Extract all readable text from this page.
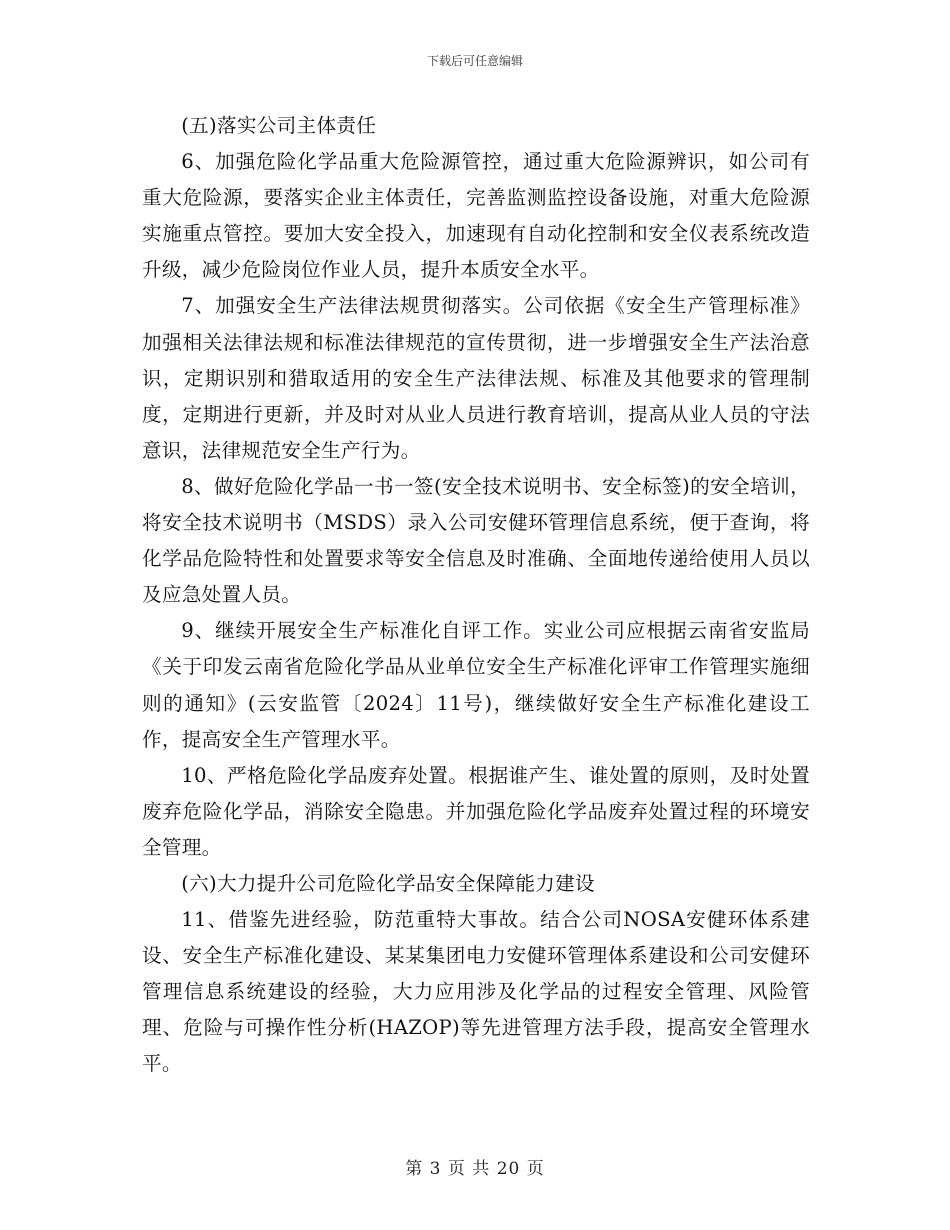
下载后可任意编辑

(五)落实公司主体责任

6、加强危险化学品重大危险源管控，通过重大危险源辨识，如公司有重大危险源，要落实企业主体责任，完善监测监控设备设施，对重大危险源实施重点管控。要加大安全投入，加速现有自动化控制和安全仪表系统改造升级，减少危险岗位作业人员，提升本质安全水平。

7、加强安全生产法律法规贯彻落实。公司依据《安全生产管理标准》加强相关法律法规和标准法律规范的宣传贯彻，进一步增强安全生产法治意识，定期识别和猎取适用的安全生产法律法规、标准及其他要求的管理制度，定期进行更新，并及时对从业人员进行教育培训，提高从业人员的守法意识，法律规范安全生产行为。

8、做好危险化学品一书一签(安全技术说明书、安全标签)的安全培训，将安全技术说明书（MSDS）录入公司安健环管理信息系统，便于查询，将化学品危险特性和处置要求等安全信息及时准确、全面地传递给使用人员以及应急处置人员。

9、继续开展安全生产标准化自评工作。实业公司应根据云南省安监局《关于印发云南省危险化学品从业单位安全生产标准化评审工作管理实施细则的通知》(云安监管〔2024〕11号)，继续做好安全生产标准化建设工作，提高安全生产管理水平。

10、严格危险化学品废弃处置。根据谁产生、谁处置的原则，及时处置废弃危险化学品，消除安全隐患。并加强危险化学品废弃处置过程的环境安全管理。

(六)大力提升公司危险化学品安全保障能力建设

11、借鉴先进经验，防范重特大事故。结合公司NOSA安健环体系建设、安全生产标准化建设、某某集团电力安健环管理体系建设和公司安健环管理信息系统建设的经验，大力应用涉及化学品的过程安全管理、风险管理、危险与可操作性分析(HAZOP)等先进管理方法手段，提高安全管理水平。

第 3 页 共 20 页
